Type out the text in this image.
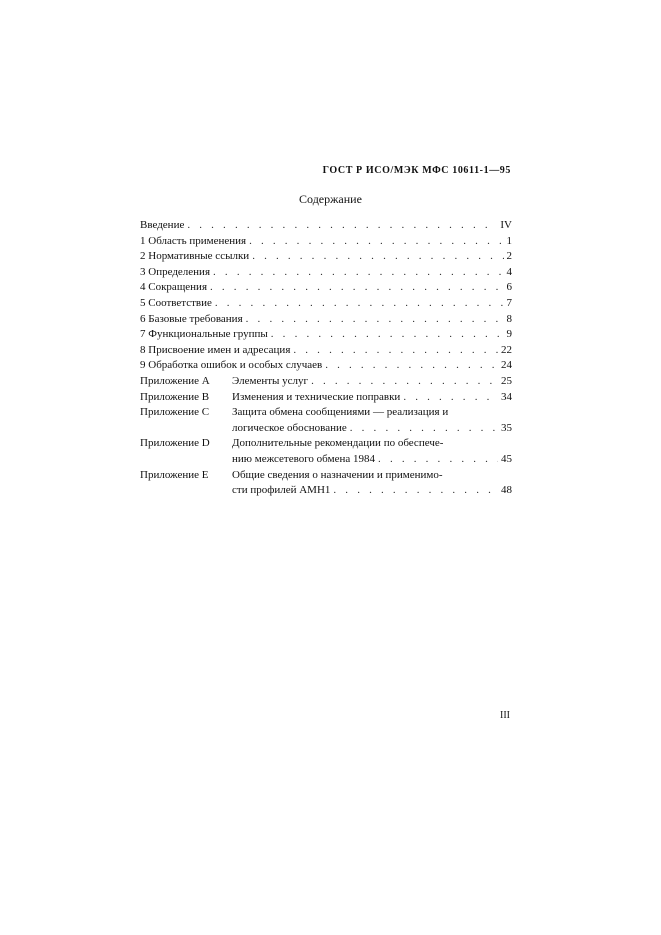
ГОСТ Р ИСО/МЭК МФС 10611-1—95
Содержание
Введение . . .	IV
1 Область применения . . .	1
2 Нормативные ссылки . . .	2
3 Определения . . .	4
4 Сокращения . . .	6
5 Соответствие . . .	7
6 Базовые требования . . .	8
7 Функциональные группы . . .	9
8 Присвоение имен и адресация . . .	22
9 Обработка ошибок и особых случаев . . .	24
Приложение A	Элементы услуг . . .	25
Приложение B	Изменения и технические поправки . . .	34
Приложение C	Защита обмена сообщениями — реализация и
логическое обоснование . . .	35
Приложение D	Дополнительные рекомендации по обеспече-
нию межсетевого обмена 1984 . . .	45
Приложение E	Общие сведения о назначении и применимо-
сти профилей АМН1 . . .	48
III
